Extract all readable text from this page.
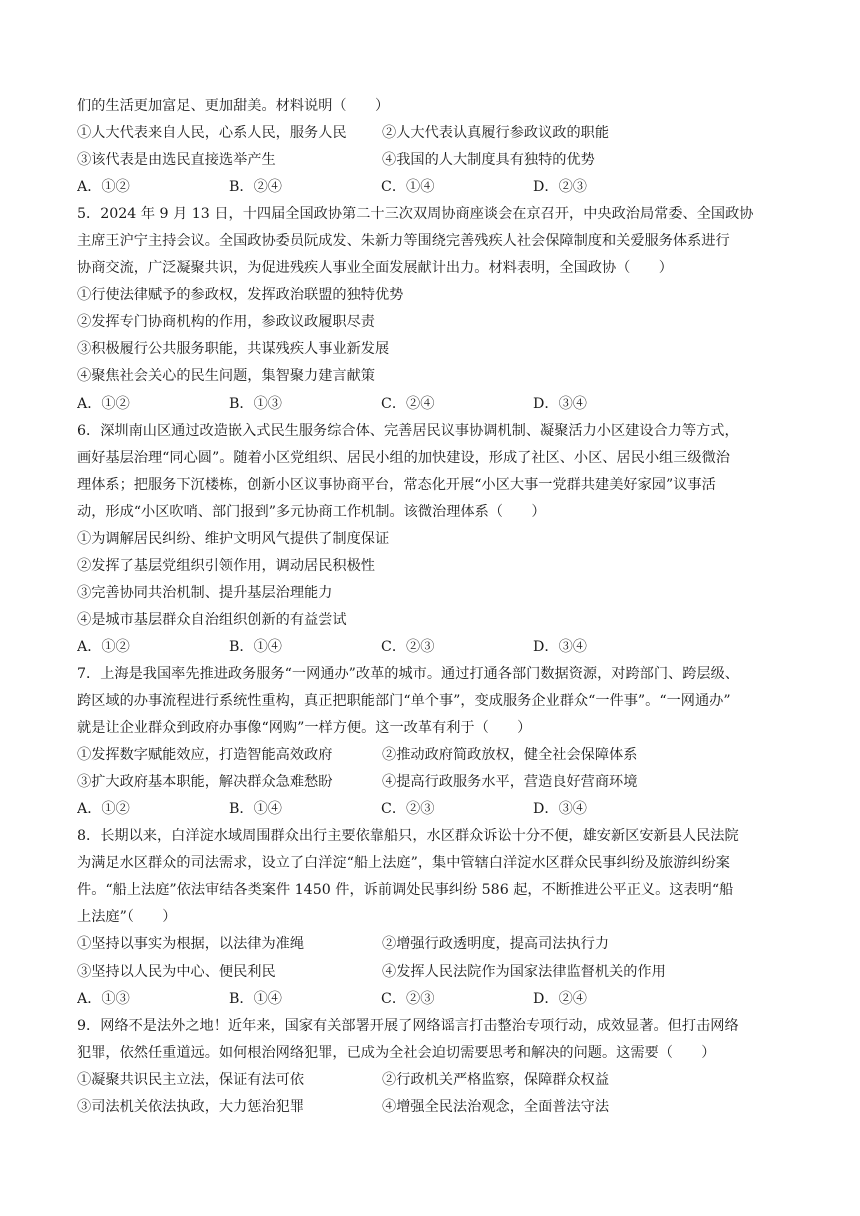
们的生活更加富足、更加甜美。材料说明（　　）
①人大代表来自人民，心系人民，服务人民	②人大代表认真履行参政议政的职能
③该代表是由选民直接选举产生	④我国的人大制度具有独特的优势
A．①②	B．②④	C．①④	D．②③
5．2024 年 9 月 13 日，十四届全国政协第二十三次双周协商座谈会在京召开，中央政治局常委、全国政协
主席王沪宁主持会议。全国政协委员阮成发、朱新力等围绕完善残疾人社会保障制度和关爱服务体系进行
协商交流，广泛凝聚共识，为促进残疾人事业全面发展献计出力。材料表明，全国政协（　　）
①行使法律赋予的参政权，发挥政治联盟的独特优势
②发挥专门协商机构的作用，参政议政履职尽责
③积极履行公共服务职能，共谋残疾人事业新发展
④聚焦社会关心的民生问题，集智聚力建言献策
A．①②	B．①③	C．②④	D．③④
6．深圳南山区通过改造嵌入式民生服务综合体、完善居民议事协调机制、凝聚活力小区建设合力等方式，
画好基层治理“同心圆”。随着小区党组织、居民小组的加快建设，形成了社区、小区、居民小组三级微治
理体系；把服务下沉楼栋，创新小区议事协商平台，常态化开展“小区大事一党群共建美好家园”议事活
动，形成“小区吹哨、部门报到”多元协商工作机制。该微治理体系（　　）
①为调解居民纠纷、维护文明风气提供了制度保证
②发挥了基层党组织引领作用，调动居民积极性
③完善协同共治机制、提升基层治理能力
④是城市基层群众自治组织创新的有益尝试
A．①②	B．①④	C．②③	D．③④
7．上海是我国率先推进政务服务“一网通办”改革的城市。通过打通各部门数据资源，对跨部门、跨层级、
跨区域的办事流程进行系统性重构，真正把职能部门“单个事”，变成服务企业群众“一件事”。“一网通办”
就是让企业群众到政府办事像“网购”一样方便。这一改革有利于（　　）
①发挥数字赋能效应，打造智能高效政府	②推动政府简政放权，健全社会保障体系
③扩大政府基本职能，解决群众急难愁盼	④提高行政服务水平，营造良好营商环境
A．①②	B．①④	C．②③	D．③④
8．长期以来，白洋淀水域周围群众出行主要依靠船只，水区群众诉讼十分不便，雄安新区安新县人民法院
为满足水区群众的司法需求，设立了白洋淀“船上法庭”，集中管辖白洋淀水区群众民事纠纷及旅游纠纷案
件。“船上法庭”依法审结各类案件 1450 件，诉前调处民事纠纷 586 起，不断推进公平正义。这表明“船
上法庭”（　　）
①坚持以事实为根据，以法律为准绳	②增强行政透明度，提高司法执行力
③坚持以人民为中心、便民利民	④发挥人民法院作为国家法律监督机关的作用
A．①③	B．①④	C．②③	D．②④
9．网络不是法外之地！近年来，国家有关部署开展了网络谣言打击整治专项行动，成效显著。但打击网络
犯罪，依然任重道远。如何根治网络犯罪，已成为全社会迫切需要思考和解决的问题。这需要（　　）
①凝聚共识民主立法，保证有法可依	②行政机关严格监察，保障群众权益
③司法机关依法执政，大力惩治犯罪	④增强全民法治观念，全面普法守法
